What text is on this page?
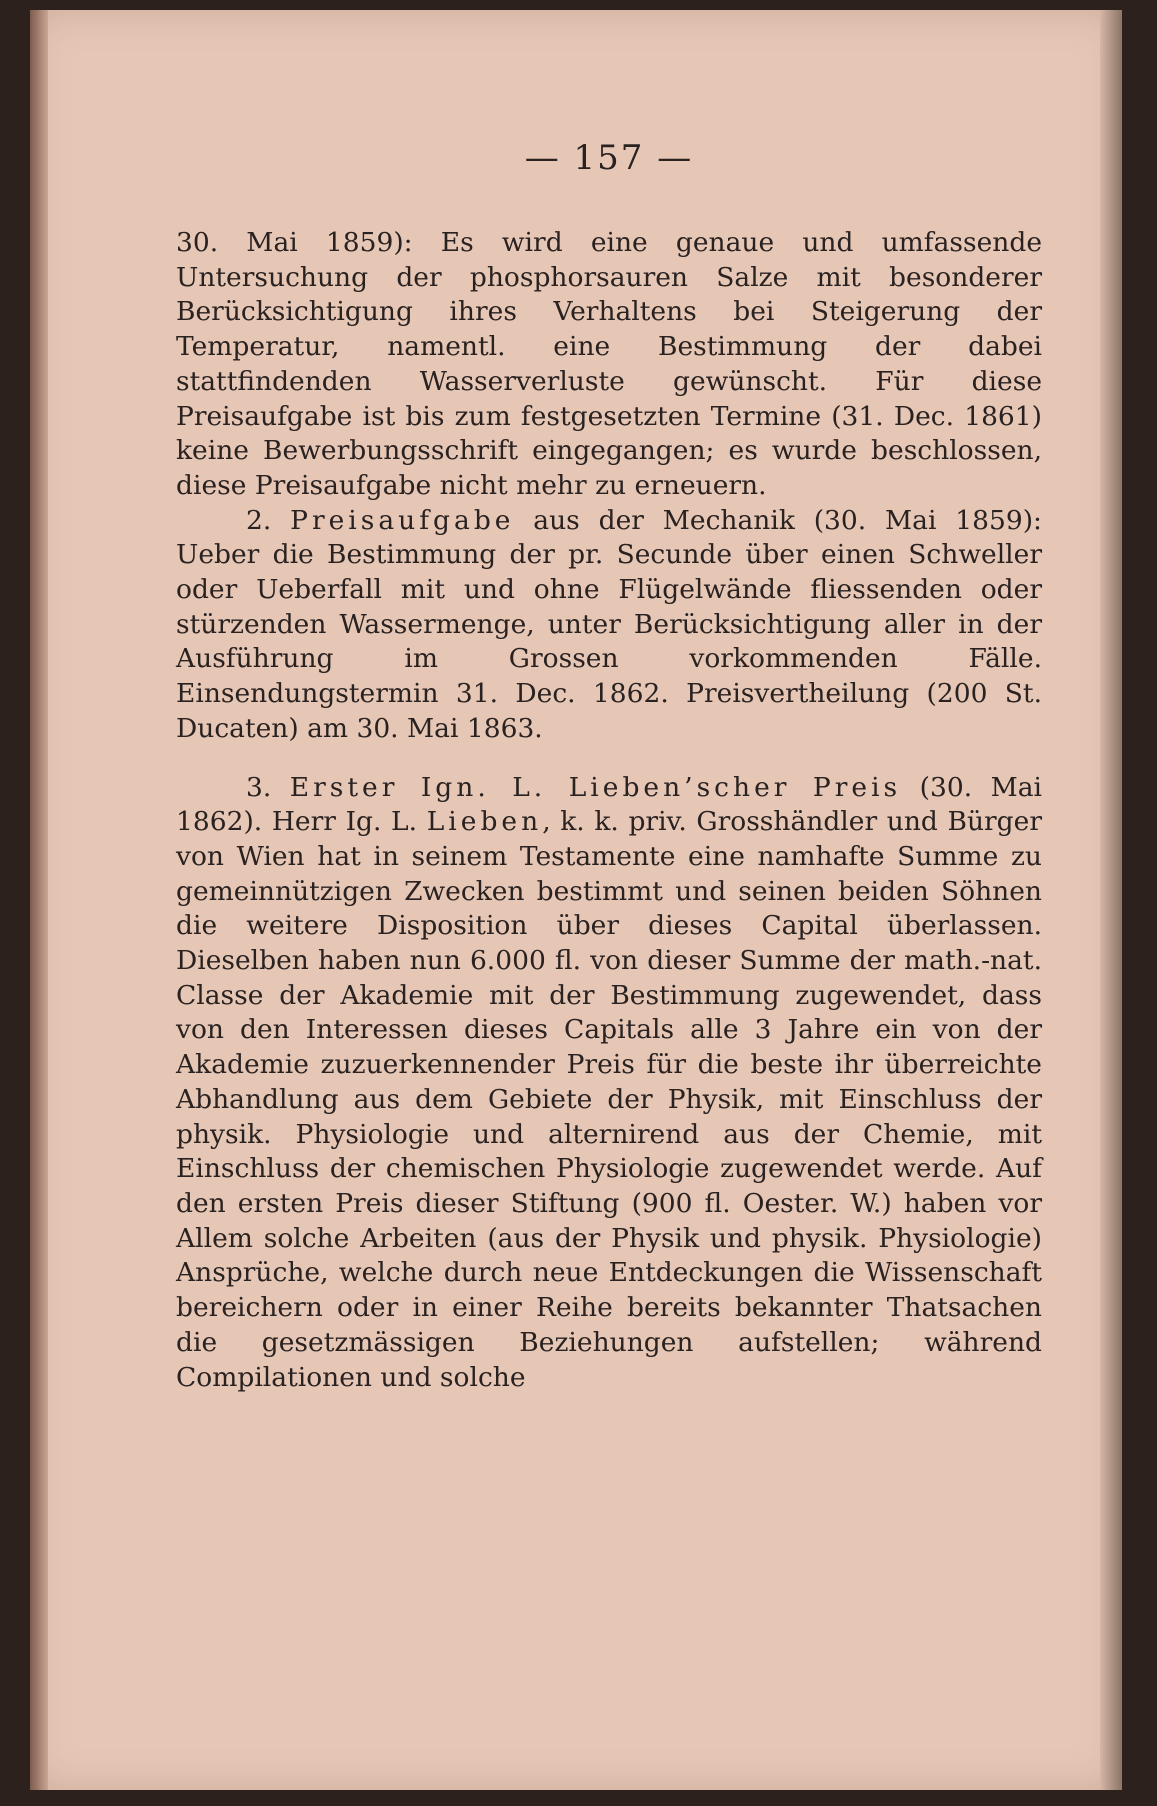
— 157 —

30. Mai 1859): Es wird eine genaue und umfassende Untersuchung der phosphorsauren Salze mit besonderer Berücksichtigung ihres Verhaltens bei Steigerung der Temperatur, namentl. eine Bestimmung der dabei stattfindenden Wasserverluste gewünscht. Für diese Preisaufgabe ist bis zum festgesetzten Termine (31. Dec. 1861) keine Bewerbungsschrift eingegangen; es wurde beschlossen, diese Preisaufgabe nicht mehr zu erneuern.

2. Preisaufgabe aus der Mechanik (30. Mai 1859): Ueber die Bestimmung der pr. Secunde über einen Schweller oder Ueberfall mit und ohne Flügelwände fliessenden oder stürzenden Wassermenge, unter Berücksichtigung aller in der Ausführung im Grossen vorkommenden Fälle. Einsendungstermin 31. Dec. 1862. Preisvertheilung (200 St. Ducaten) am 30. Mai 1863.

3. Erster Ign. L. Lieben’scher Preis (30. Mai 1862). Herr Ig. L. Lieben, k. k. priv. Grosshändler und Bürger von Wien hat in seinem Testamente eine namhafte Summe zu gemeinnützigen Zwecken bestimmt und seinen beiden Söhnen die weitere Disposition über dieses Capital überlassen. Dieselben haben nun 6.000 fl. von dieser Summe der math.-nat. Classe der Akademie mit der Bestimmung zugewendet, dass von den Interessen dieses Capitals alle 3 Jahre ein von der Akademie zuzuerkennender Preis für die beste ihr überreichte Abhandlung aus dem Gebiete der Physik, mit Einschluss der physik. Physiologie und alternirend aus der Chemie, mit Einschluss der chemischen Physiologie zugewendet werde. Auf den ersten Preis dieser Stiftung (900 fl. Oester. W.) haben vor Allem solche Arbeiten (aus der Physik und physik. Physiologie) Ansprüche, welche durch neue Entdeckungen die Wissenschaft bereichern oder in einer Reihe bereits bekannter Thatsachen die gesetzmässigen Beziehungen aufstellen; während Compilationen und solche
